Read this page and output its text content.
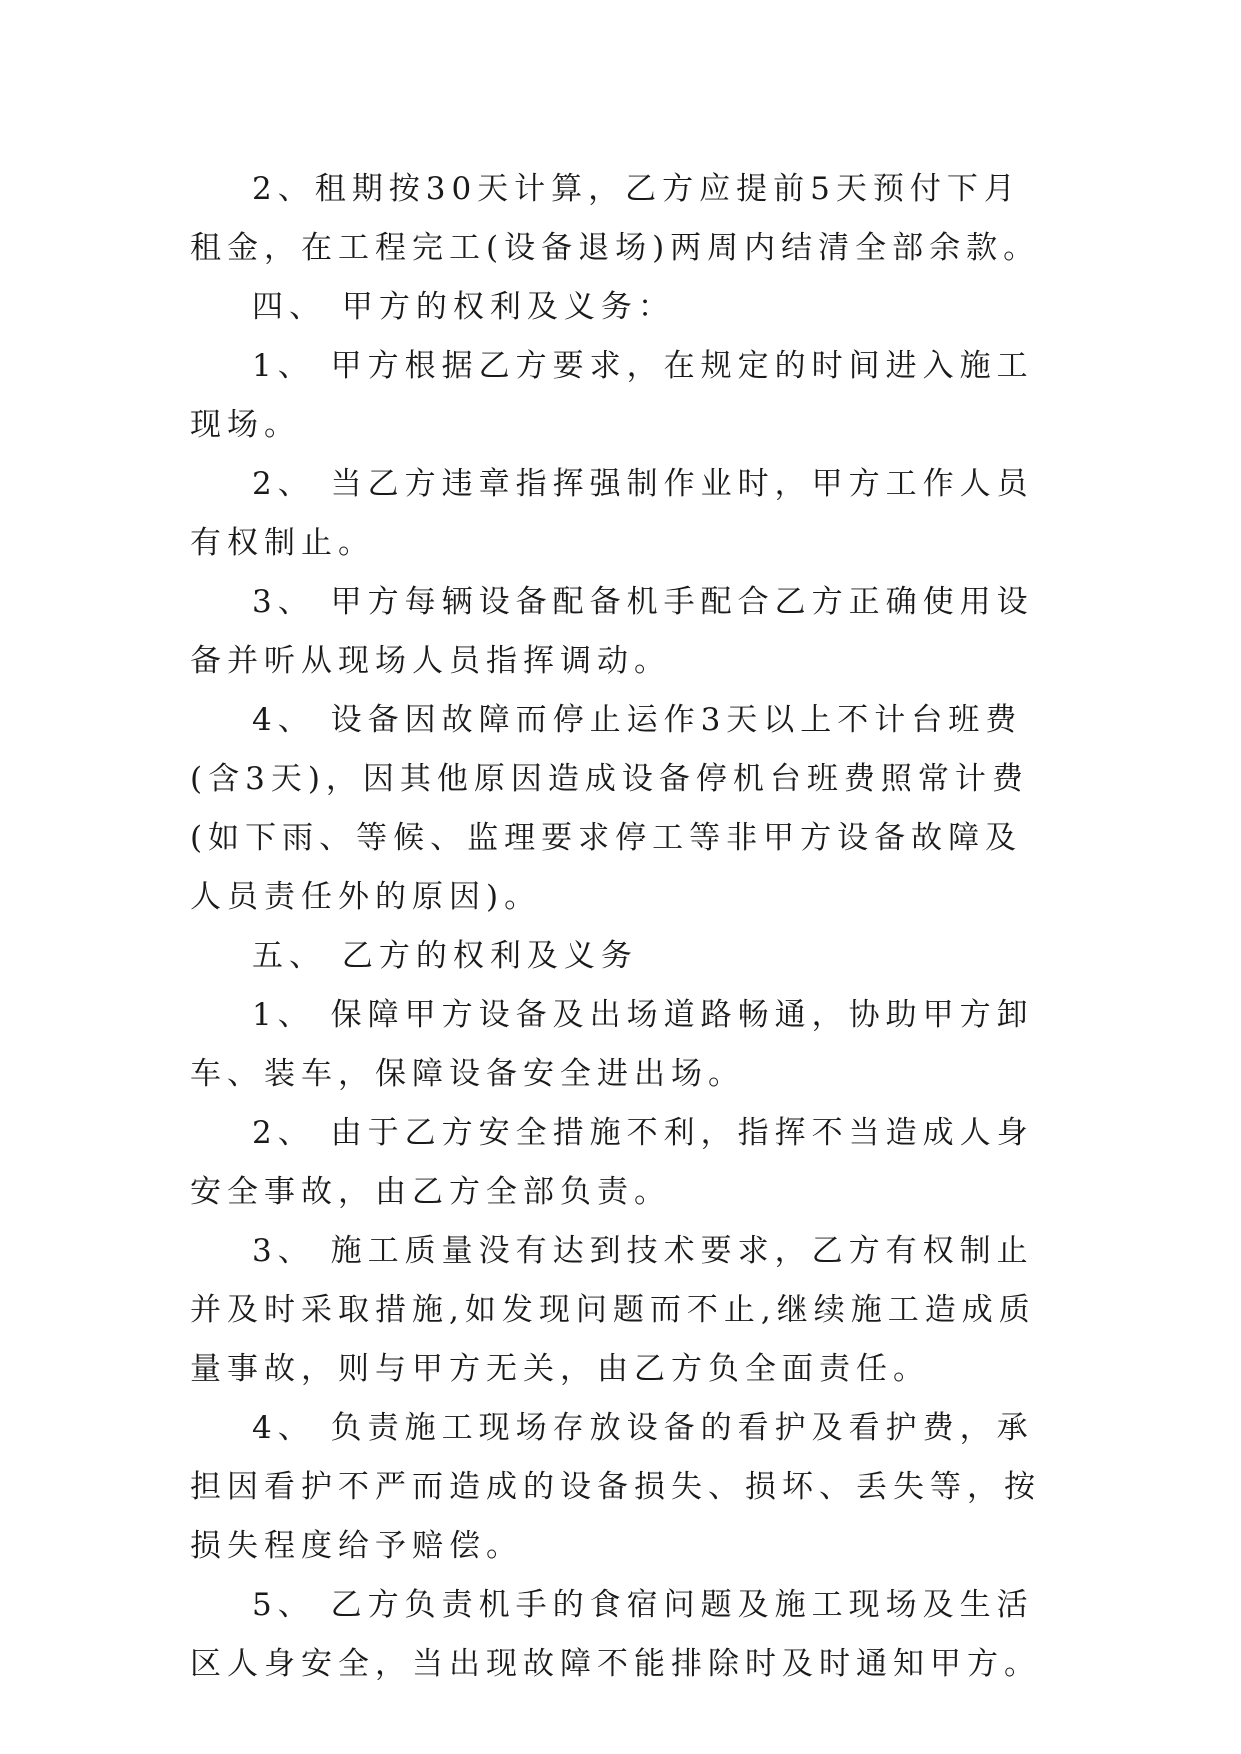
2、租期按30天计算，乙方应提前5天预付下月租金，在工程完工(设备退场)两周内结清全部余款。

四、 甲方的权利及义务：

1、 甲方根据乙方要求，在规定的时间进入施工现场。

2、 当乙方违章指挥强制作业时，甲方工作人员有权制止。

3、 甲方每辆设备配备机手配合乙方正确使用设备并听从现场人员指挥调动。

4、 设备因故障而停止运作3天以上不计台班费(含3天)，因其他原因造成设备停机台班费照常计费(如下雨、等候、监理要求停工等非甲方设备故障及人员责任外的原因)。

五、 乙方的权利及义务

1、 保障甲方设备及出场道路畅通，协助甲方卸车、装车，保障设备安全进出场。

2、 由于乙方安全措施不利，指挥不当造成人身安全事故，由乙方全部负责。

3、 施工质量没有达到技术要求，乙方有权制止并及时采取措施,如发现问题而不止,继续施工造成质量事故，则与甲方无关，由乙方负全面责任。

4、 负责施工现场存放设备的看护及看护费，承担因看护不严而造成的设备损失、损坏、丢失等，按损失程度给予赔偿。

5、 乙方负责机手的食宿问题及施工现场及生活区人身安全，当出现故障不能排除时及时通知甲方。
